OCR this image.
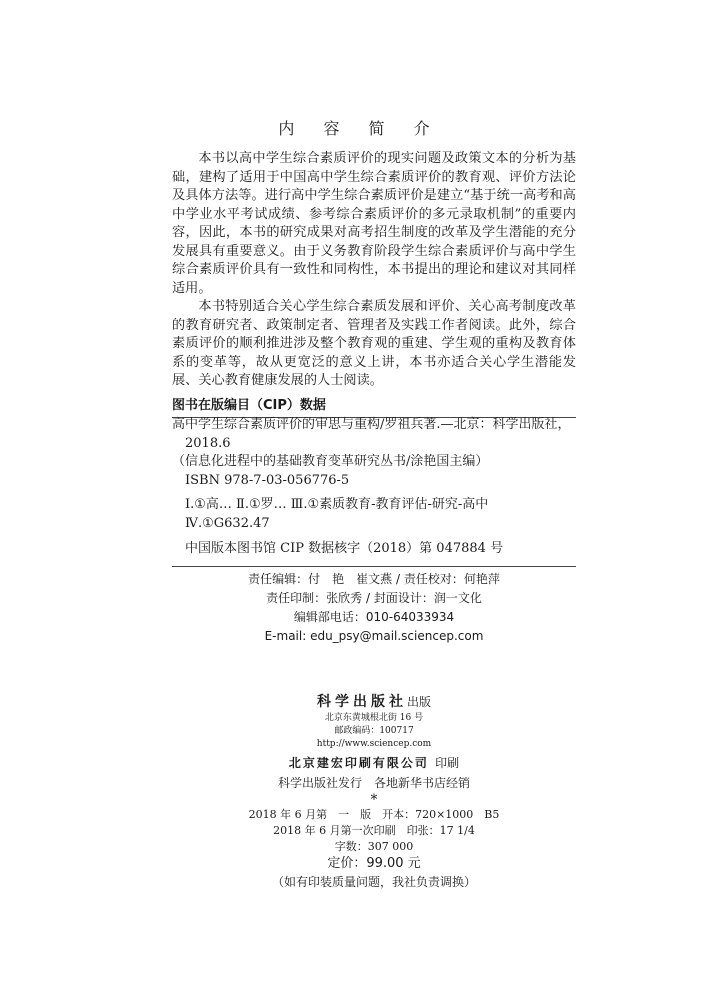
内 容 简 介

本书以高中学生综合素质评价的现实问题及政策文本的分析为基础，建构了适用于中国高中学生综合素质评价的教育观、评价方法论及具体方法等。进行高中学生综合素质评价是建立“基于统一高考和高中学业水平考试成绩、参考综合素质评价的多元录取机制”的重要内容，因此，本书的研究成果对高考招生制度的改革及学生潜能的充分发展具有重要意义。由于义务教育阶段学生综合素质评价与高中学生综合素质评价具有一致性和同构性，本书提出的理论和建议对其同样适用。

本书特别适合关心学生综合素质发展和评价、关心高考制度改革的教育研究者、政策制定者、管理者及实践工作者阅读。此外，综合素质评价的顺利推进涉及整个教育观的重建、学生观的重构及教育体系的变革等，故从更宽泛的意义上讲，本书亦适合关心学生潜能发展、关心教育健康发展的人士阅读。

图书在版编目（CIP）数据
高中学生综合素质评价的审思与重构/罗祖兵著.—北京：科学出版社，
2018.6
（信息化进程中的基础教育变革研究丛书/涂艳国主编）
ISBN 978-7-03-056776-5
Ⅰ.①高… Ⅱ.①罗… Ⅲ.①素质教育-教育评估-研究-高中
Ⅳ.①G632.47
中国版本图书馆 CIP 数据核字（2018）第 047884 号
责任编辑：付　艳　崔文燕 / 责任校对：何艳萍
责任印制：张欣秀 / 封面设计：润一文化
编辑部电话：010-64033934
E-mail: edu_psy@mail.sciencep.com
科学出版社出版
北京东黄城根北街 16 号
邮政编码：100717
http://www.sciencep.com
北京建宏印刷有限公司 印刷
科学出版社发行　各地新华书店经销
*
2018 年 6 月第　一　版　开本：720×1000　B5
2018 年 6 月第一次印刷　印张：17 1/4
字数：307 000
定价：99.00 元
（如有印装质量问题，我社负责调换）
